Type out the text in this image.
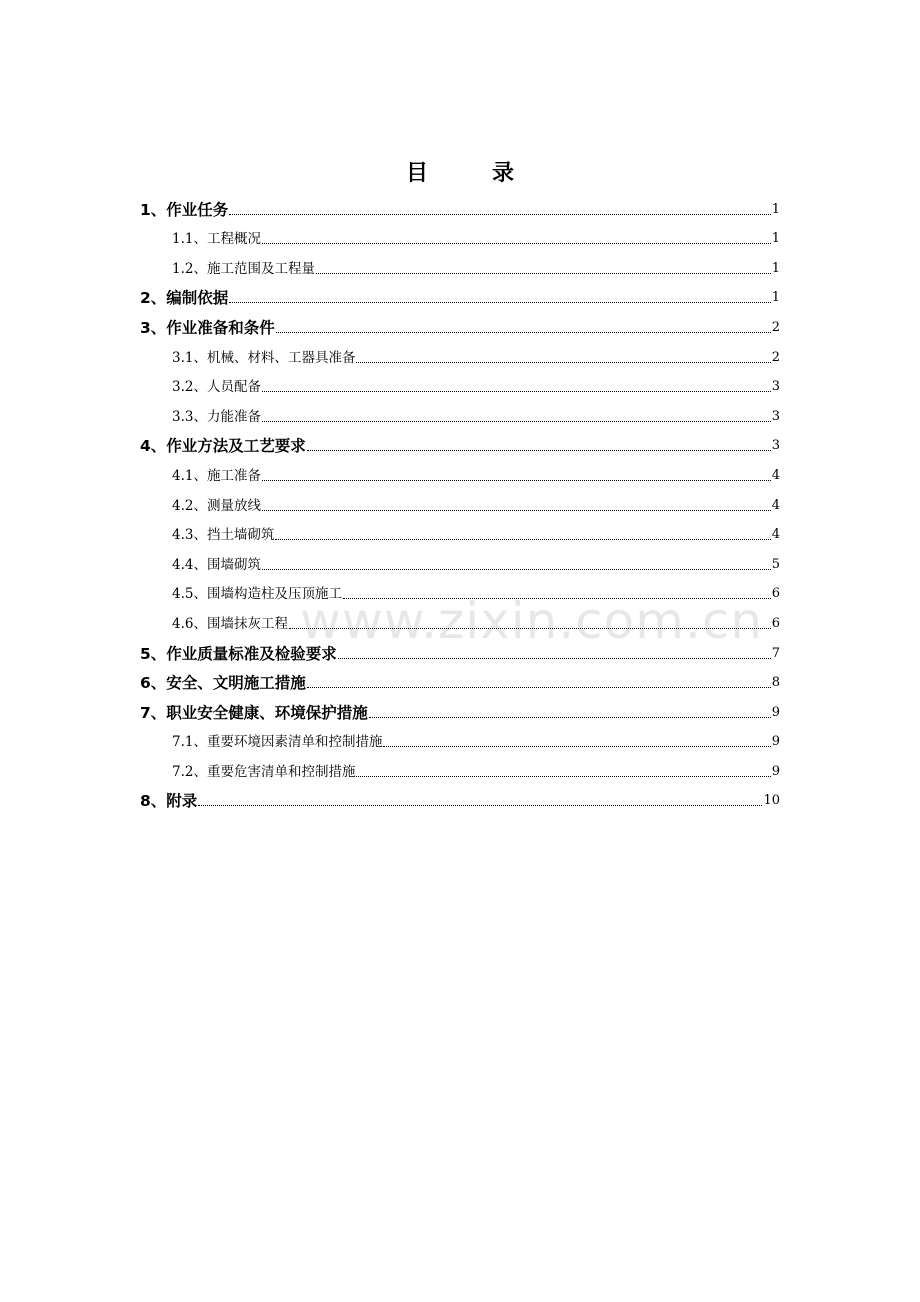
目	录
1、作业任务	1
1.1、工程概况	1
1.2、施工范围及工程量	1
2、编制依据	1
3、作业准备和条件	2
3.1、机械、材料、工器具准备	2
3.2、人员配备	3
3.3、力能准备	3
4、作业方法及工艺要求	3
4.1、施工准备	4
4.2、测量放线	4
4.3、挡土墙砌筑	4
4.4、围墙砌筑	5
4.5、围墙构造柱及压顶施工	6
4.6、围墙抹灰工程	6
5、作业质量标准及检验要求	7
6、安全、文明施工措施	8
7、职业安全健康、环境保护措施	9
7.1、重要环境因素清单和控制措施	9
7.2、重要危害清单和控制措施	9
8、附录	10
www.zixin.com.cn
